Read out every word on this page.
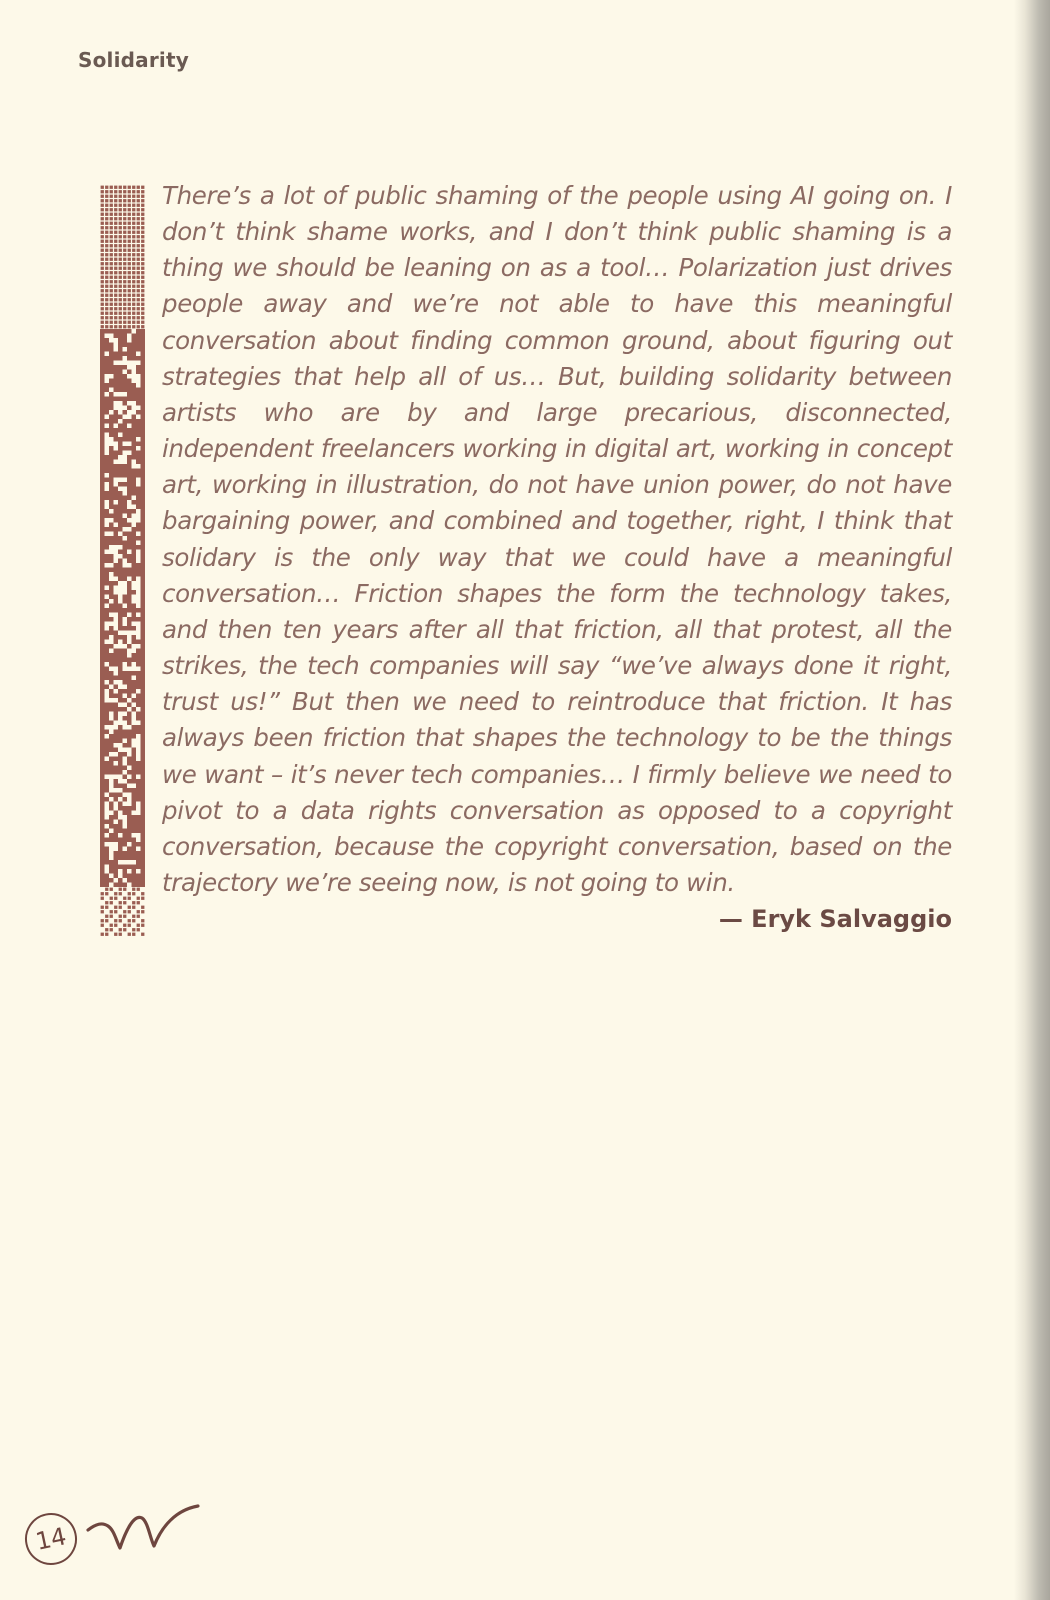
Solidarity

There’s a lot of public shaming of the people using AI going on. I don’t think shame works, and I don’t think public shaming is a thing we should be leaning on as a tool… Polarization just drives people away and we’re not able to have this meaningful conversation about finding common ground, about figuring out strategies that help all of us… But, building solidarity between artists who are by and large precarious, disconnected, independent freelancers working in digital art, working in concept art, working in illustration, do not have union power, do not have bargaining power, and combined and together, right, I think that solidary is the only way that we could have a meaningful conversation… Friction shapes the form the technology takes, and then ten years after all that friction, all that protest, all the strikes, the tech companies will say “we’ve always done it right, trust us!” But then we need to reintroduce that friction. It has always been friction that shapes the technology to be the things we want – it’s never tech companies… I firmly believe we need to pivot to a data rights conversation as opposed to a copyright conversation, because the copyright conversation, based on the trajectory we’re seeing now, is not going to win.

— Eryk Salvaggio
14
